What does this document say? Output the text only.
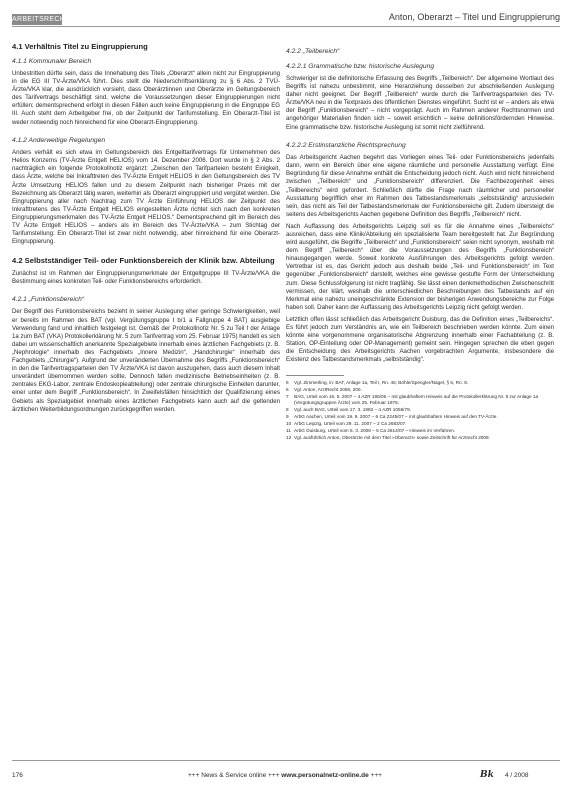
ARBEITSRECHT	Anton, Oberarzt – Titel und Eingruppierung
4.1 Verhältnis Titel zu Eingruppierung
4.1.1 Kommunaler Bereich

Unbestritten dürfte sein, dass die Innehabung des Titels „Oberarzt“ allein nicht zur Eingruppierung in die EG III TV-Ärzte/VKA führt. Dies stellt die Niederschriftserklärung zu § 6 Abs. 2 TVÜ-Ärzte/VKA klar, die ausdrücklich vorsieht, dass Oberärztinnen und Oberärzte im Geltungsbereich des Tarifvertrags beschäftigt sind, welche die Voraussetzungen dieser Eingruppierungen nicht erfüllen; dementsprechend erfolgt in diesen Fällen auch keine Eingruppierung in die Eingruppe EG III. Auch steht dem Arbeitgeber frei, ob der Zeitpunkt der Tarifumstellung. Ein Oberarzt-Titel ist weder notwendig noch hinreichend für eine Oberarzt-Eingruppierung.

4.1.2 Anderweitige Regelungen

Anders verhält es sich etwa im Geltungsbereich des Entgelttarifvertrags für Unternehmen des Helios Konzerns (TV-Ärzte Entgelt HELIOS) vom 14. Dezember 2006. Dort wurde in § 2 Abs. 2 nachträglich ein folgende Protokollnotiz ergänzt: „Zwischen den Tarifparteien besteht Einigkeit, dass Ärzte, welche bei Inkrafttreten des TV-Ärzte Entgelt HELIOS in den Geltungsbereich des TV Ärzte Umsetzung HELIOS fallen und zu diesem Zeitpunkt nach bisheriger Praxis mit der Bezeichnung als Oberarzt tätig waren, weiterhin als Oberarzt eingruppiert und vergütet werden. Die Eingruppierung aller nach Nachtrag zum TV Ärzte Einführung HELIOS der Zeitpunkt des Inkrafttretens des TV-Ärzte Entgelt HELIOS eingestellten Ärzte richtet sich nach den konkreten Eingruppierungsmerkmalen des TV-Ärzte Entgelt HELIOS.“ Dementsprechend gilt im Bereich des TV Ärzte Entgelt HELIOS – anders als im Bereich des TV-Ärzte/VKA – zum Stichtag der Tarifumstellung: Ein Oberarzt-Titel ist zwar nicht notwendig, aber hinreichend für eine Oberarzt-Eingruppierung.

4.2 Selbstständiger Teil- oder Funktionsbereich der Klinik bzw. Abteilung

Zunächst ist im Rahmen der Eingruppierungsmerkmale der Entgeltgruppe III TV-Ärzte/VKA die Bestimmung eines konkreten Teil- oder Funktionsbereichs erforderlich.

4.2.1 „Funktionsbereich“

Der Begriff des Funktionsbereichs bezieht in seiner Auslegung eher geringe Schwierigkeiten, weil er bereits im Rahmen des BAT (vgl. Vergütungsgruppe I b/1 a Fallgruppe 4 BAT) ausgiebige Verwendung fand und inhaltlich festgelegt ist. Gemäß der Protokollnotiz Nr. 5 zu Teil I der Anlage 1a zum BAT (VKA) Protokollerklärung Nr. 5 zum Tarifvertrag vom 25. Februar 1975) handelt es sich dabei um wissenschaftlich anerkannte Spezialgebiete innerhalb eines ärztlichen Fachgebiets (z. B. „Nephrologie“ innerhalb des Fachgebiets „Innere Medizin“, „Handchirurgie“ innerhalb des Fachgebiets „Chirurgie“). Aufgrund der unveränderten Übernahme des Begriffs „Funktionsbereich“ in den die Tarifvertragsparteien den TV Ärzte/VKA ist davon auszugehen, dass auch diesem Inhalt unverändert übernommen werden sollte. Dennoch fallen medizinische Betriebseinheiten (z. B. zentrales EKG-Labor, zentrale Endoskopieabteilung) oder zentrale chirurgische Einheiten darunter, einer unter dem Begriff „Funktionsbereich“. In Zweifelsfällen hinsichtlich der Qualifizierung eines Gebiets als Spezialgebiet innerhalb eines ärztlichen Fachgebiets kann auch auf die geltenden ärztlichen Weiterbildungsordnungen zurückgegriffen werden.

4.2.2 „Teilbereich“
4.2.2.1 Grammatische bzw. historische Auslegung

Schwieriger ist die definitorische Erfassung des Begriffs „Teilbereich“. Der allgemeine Wortlaut des Begriffs ist nahezu unbestimmt, eine Heranziehung desselben zur abschließenden Auslegung daher nicht geeignet. Der Begriff „Teilbereich“ wurde durch die Tarifvertragsparteien des TV-Ärzte/VKA neu in die Textpraxis des öffentlichen Dienstes eingeführt. Sucht ist er – anders als etwa der Begriff „Funktionsbereich“ – nicht vorgeprägt. Auch im Rahmen anderer Rechtsnormen und angehöriger Materialien finden sich – soweit ersichtlich – keine definitionsfördernden Hinweise. Eine grammatische bzw. historische Auslegung ist somit nicht zielführend.

4.2.2.2 Erstinstanzliche Rechtsprechung

Das Arbeitsgericht Aachen begehrt das Vorliegen eines Teil- oder Funktionsbereichs jedenfalls dann, wenn ein Bereich über eine eigene räumliche und personelle Ausstattung verfügt. Eine Begründung für diese Annahme enthält die Entscheidung jedoch nicht. Auch wird nicht hinreichend zwischen „Teilbereich“ und „Funktionsbereich“ differenziert. Die Fachbezogenheit eines „Teilbereichs“ wird gefordert. Schließlich dürfte die Frage nach räumlicher und personeller Ausstattung begrifflich eher im Rahmen des Tatbestandsmerkmals „selbstständig“ anzusiedeln sein, das nicht als Teil der Tatbestandsmerkmale der Funktionsbereiche gilt. Zudem übersteigt die seitens des Arbeitsgerichts Aachen gegebene Definition des Begriffs „Teilbereich“ nicht.

Nach Auffassung des Arbeitsgerichts Leipzig soll es für die Annahme eines „Teilbereichs“ ausreichen, dass eine Klinik/Abteilung ein spezialisierte Team bereitgestellt hat. Zur Begründung wird ausgeführt, die Begriffe „Teilbereich“ und „Funktionsbereich“ seien nicht synonym, weshalb mit dem Begriff „Teilbereich“ über die Voraussetzungen des Begriffs „Funktionsbereich“ hinausgegangen werde. Soweit konkrete Ausführungen des Arbeitsgerichts gefolgt werden. Vertretbar ist es, das Gericht jedoch aus deshalb beide „Teil- und Funktionsbereich“ im Text gegenüber „Funktionsbereich“ darstellt, welches eine gewisse gestufte Form der Unterscheidung zum. Diese Schlussfolgerung ist nicht tragfähig. Sie lässt einen denkmethodischen Zwischenschritt vermissen, der klärt, weshalb die unterschiedlichen Beschreibungen des Tatbestands auf ein Merkmal eine nahezu uneingeschränkte Extension der bisherigen Anwendungsbereiche zur Folge haben soll. Daher kann der Auffassung des Arbeitsgerichts Leipzig nicht gefolgt werden.

Letztlich offen lässt schließlich das Arbeitsgericht Duisburg, das die Definition eines „Teilbereichs“. Es führt jedoch zum Verständnis an, wie ein Teilbereich beschrieben werden könnte. Zum einen könnte eine vorgenommene organisatorische Abgrenzung innerhalb einer Fachabteilung (z. B. Station, OP-Einteilung oder OP-Management) gemeint sein. Hingegen sprechen die eben gegen die Entscheidung des Arbeitsgerichts Aachen vorgebrachten Argumente, insbesondere die Existenz des Tatbestandsmerkmals „selbstständig“.

5	Vgl. Zimmerling, in: BAT, Anlage 1a, Teil I, Rn. 46; Böhle/Spengler/Nagel, § 6, Rn. 8.
6	Vgl. Anton, ArztRecht 2008, 200.
7	BAG, Urteil vom 16. 5. 2007 – 4 AZR 195/06 – mit glaubhaftem Hinweis auf die Protokollerklärung Nr. 5 zur Anlage 1a (Vergütungsgruppen Ärzte) vom 25. Februar 1975.
8	Vgl. auch BAG, Urteil vom 17. 3. 1982 – 4 AZR 1056/79.
9	ArbG Aachen, Urteil vom 19. 9. 2007 – 6 Ca 2245/07 – mit glaubhaftem Hinweis auf den TV-Ärzte.
10 ArbG Leipzig, Urteil vom 29. 11. 2007 – 2 Ca 2683/07.
11 ArbG Duisburg, Urteil vom 5. 3. 2008 – 5 Ca 2614/07 – Hinweis im Verfahren.
12 Vgl. ausführlich Anton, Oberärzte mit dem Titel »Oberarzt« sowie Zeitschrift für Arztrecht 2008.
176	+++ News & Service online +++ www.personalnetz-online.de +++	Bk	4 / 2008
